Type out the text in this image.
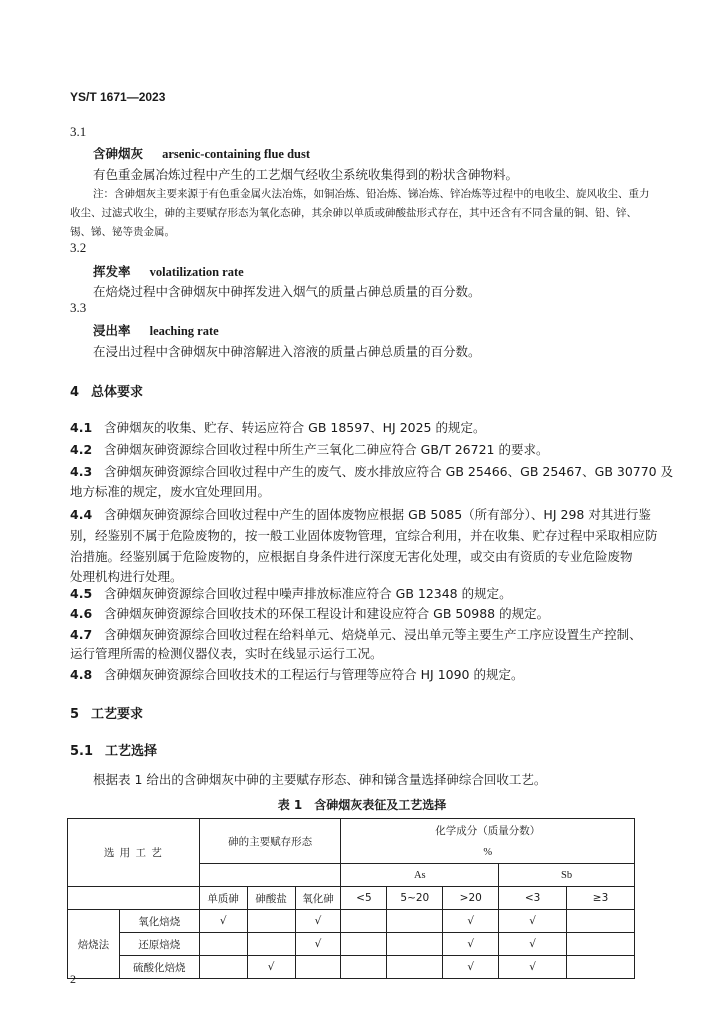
YS/T 1671—2023
3.1
含砷烟灰 arsenic-containing flue dust
有色重金属冶炼过程中产生的工艺烟气经收尘系统收集得到的粉状含砷物料。
注：含砷烟灰主要来源于有色重金属火法冶炼，如铜冶炼、铅冶炼、锑冶炼、锌冶炼等过程中的电收尘、旋风收尘、重力
收尘、过滤式收尘，砷的主要赋存形态为氧化态砷，其余砷以单质或砷酸盐形式存在，其中还含有不同含量的铜、铅、锌、
锡、锑、铋等贵金属。
3.2
挥发率 volatilization rate
在焙烧过程中含砷烟灰中砷挥发进入烟气的质量占砷总质量的百分数。
3.3
浸出率 leaching rate
在浸出过程中含砷烟灰中砷溶解进入溶液的质量占砷总质量的百分数。
4 总体要求
4.1 含砷烟灰的收集、贮存、转运应符合 GB 18597、HJ 2025 的规定。
4.2 含砷烟灰砷资源综合回收过程中所生产三氧化二砷应符合 GB/T 26721 的要求。
4.3 含砷烟灰砷资源综合回收过程中产生的废气、废水排放应符合 GB 25466、GB 25467、GB 30770 及
地方标准的规定，废水宜处理回用。
4.4 含砷烟灰砷资源综合回收过程中产生的固体废物应根据 GB 5085（所有部分）、HJ 298 对其进行鉴
别，经鉴别不属于危险废物的，按一般工业固体废物管理，宜综合利用，并在收集、贮存过程中采取相应防
治措施。经鉴别属于危险废物的，应根据自身条件进行深度无害化处理，或交由有资质的专业危险废物
处理机构进行处理。
4.5 含砷烟灰砷资源综合回收过程中噪声排放标准应符合 GB 12348 的规定。
4.6 含砷烟灰砷资源综合回收技术的环保工程设计和建设应符合 GB 50988 的规定。
4.7 含砷烟灰砷资源综合回收过程在给料单元、焙烧单元、浸出单元等主要生产工序应设置生产控制、
运行管理所需的检测仪器仪表，实时在线显示运行工况。
4.8 含砷烟灰砷资源综合回收技术的工程运行与管理等应符合 HJ 1090 的规定。
5 工艺要求
5.1 工艺选择
根据表 1 给出的含砷烟灰中砷的主要赋存形态、砷和锑含量选择砷综合回收工艺。
表 1　含砷烟灰表征及工艺选择
选 用 工 艺		砷的主要赋存形态			化学成分（质量分数）				
					%				
					As			Sb	
		单质砷	砷酸盐	氧化砷	<5	5~20	>20	<3	≥3
焙烧法	氧化焙烧	√		√			√	√	
	还原焙烧			√			√	√	
	硫酸化焙烧		√				√	√	
2
